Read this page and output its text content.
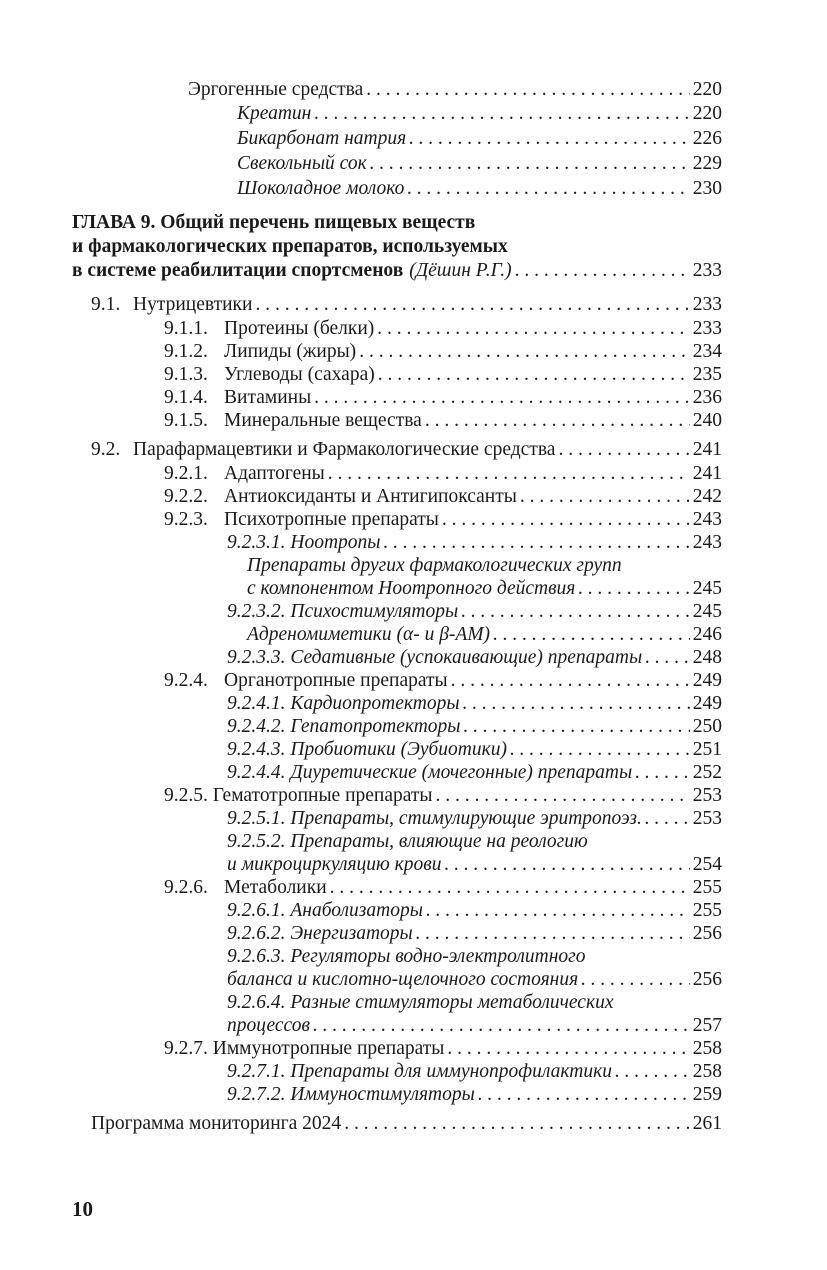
Эргогенные средства . . .	220
Креатин . . .	220
Бикарбонат натрия . . .	226
Свекольный сок . . .	229
Шоколадное молоко . . .	230
ГЛАВА 9. Общий перечень пищевых веществ
и фармакологических препаратов, используемых
в системе реабилитации спортсменов (Дёшин Р.Г.) . . .	233
9.1. Нутрицевтики . . .	233
9.1.1. Протеины (белки) . . .	233
9.1.2. Липиды (жиры) . . .	234
9.1.3. Углеводы (сахара) . . .	235
9.1.4. Витамины . . .	236
9.1.5. Минеральные вещества . . .	240
9.2. Парафармацевтики и Фармакологические средства . . .	241
9.2.1. Адаптогены . . .	241
9.2.2. Антиоксиданты и Антигипоксанты . . .	242
9.2.3. Психотропные препараты . . .	243
9.2.3.1. Ноотропы . . .	243
Препараты других фармакологических групп
с компонентом Ноотропного действия . . .	245
9.2.3.2. Психостимуляторы . . .	245
Адреномиметики (α- и β-АМ) . . .	246
9.2.3.3. Седативные (успокаивающие) препараты . . .	248
9.2.4. Органотропные препараты . . .	249
9.2.4.1. Кардиопротекторы . . .	249
9.2.4.2. Гепатопротекторы . . .	250
9.2.4.3. Пробиотики (Эубиотики) . . .	251
9.2.4.4. Диуретические (мочегонные) препараты . . .	252
9.2.5. Гематотропные препараты . . .	253
9.2.5.1. Препараты, стимулирующие эритропоэз. . . .	253
9.2.5.2. Препараты, влияющие на реологию
и микроциркуляцию крови . . .	254
9.2.6. Метаболики . . .	255
9.2.6.1. Анаболизаторы . . .	255
9.2.6.2. Энергизаторы . . .	256
9.2.6.3. Регуляторы водно-электролитного
баланса и кислотно-щелочного состояния . . .	256
9.2.6.4. Разные стимуляторы метаболических
процессов . . .	257
9.2.7. Иммунотропные препараты . . .	258
9.2.7.1. Препараты для иммунопрофилактики . . .	258
9.2.7.2. Иммуностимуляторы . . .	259
Программа мониторинга 2024 . . .	261
10
